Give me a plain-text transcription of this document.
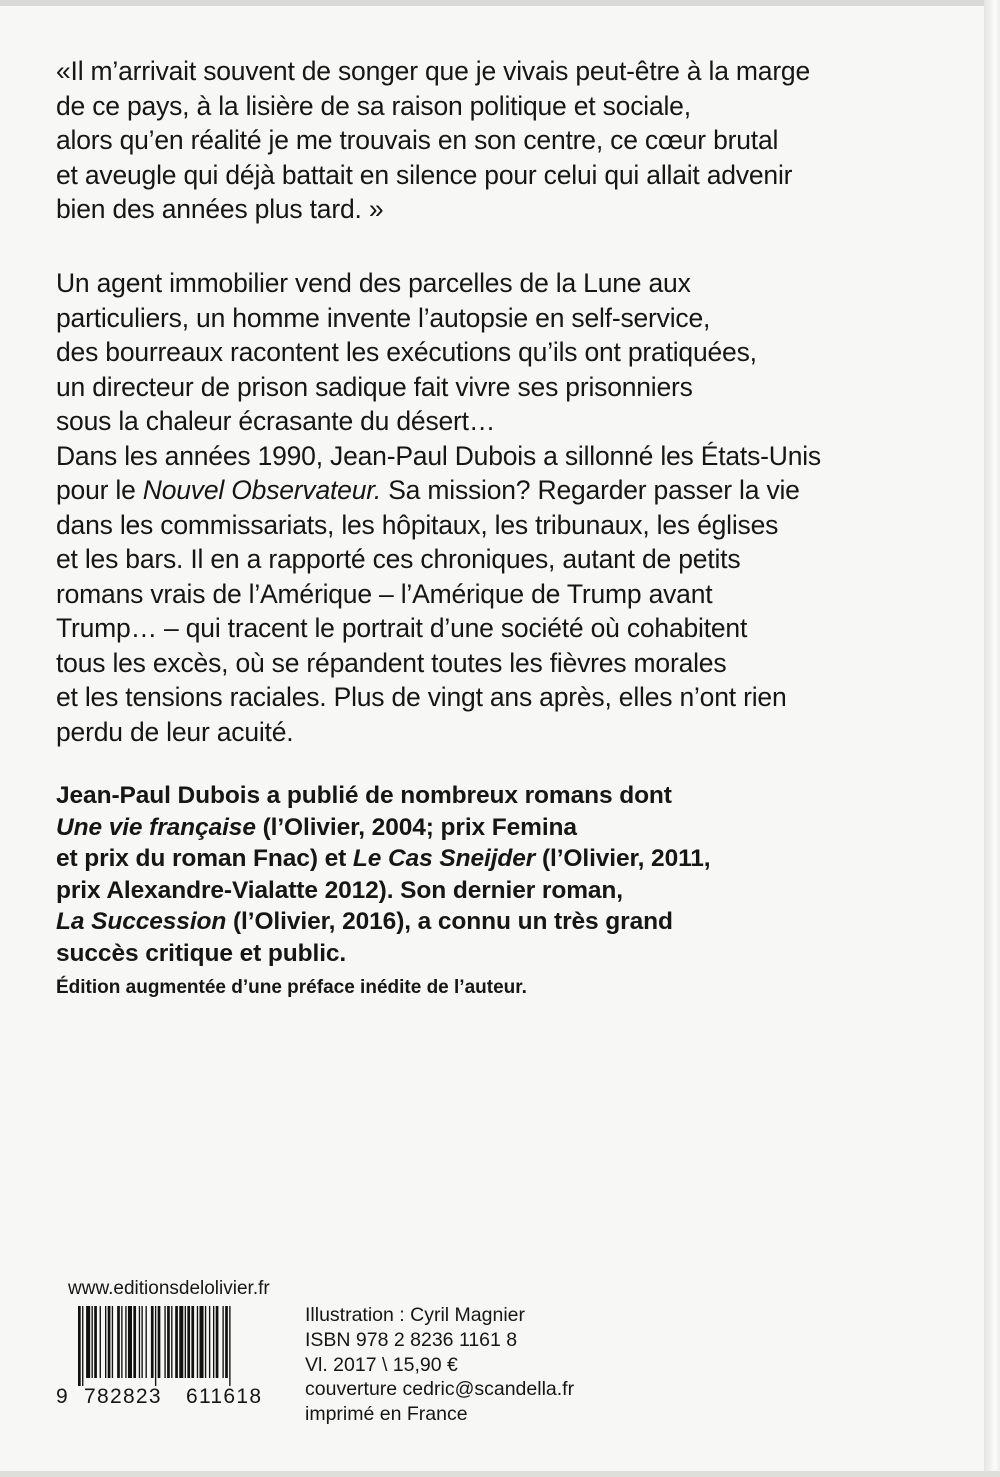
«Il m’arrivait souvent de songer que je vivais peut-être à la marge
de ce pays, à la lisière de sa raison politique et sociale,
alors qu’en réalité je me trouvais en son centre, ce cœur brutal
et aveugle qui déjà battait en silence pour celui qui allait advenir
bien des années plus tard. »
Un agent immobilier vend des parcelles de la Lune aux
particuliers, un homme invente l’autopsie en self-service,
des bourreaux racontent les exécutions qu’ils ont pratiquées,
un directeur de prison sadique fait vivre ses prisonniers
sous la chaleur écrasante du désert…
Dans les années 1990, Jean-Paul Dubois a sillonné les États-Unis
pour le Nouvel Observateur. Sa mission? Regarder passer la vie
dans les commissariats, les hôpitaux, les tribunaux, les églises
et les bars. Il en a rapporté ces chroniques, autant de petits
romans vrais de l’Amérique – l’Amérique de Trump avant
Trump… – qui tracent le portrait d’une société où cohabitent
tous les excès, où se répandent toutes les fièvres morales
et les tensions raciales. Plus de vingt ans après, elles n’ont rien
perdu de leur acuité.
Jean-Paul Dubois a publié de nombreux romans dont
Une vie française (l’Olivier, 2004; prix Femina
et prix du roman Fnac) et Le Cas Sneijder (l’Olivier, 2011,
prix Alexandre-Vialatte 2012). Son dernier roman,
La Succession (l’Olivier, 2016), a connu un très grand
succès critique et public.
Édition augmentée d’une préface inédite de l’auteur.
www.editionsdelolivier.fr
9 782823 611618
Illustration : Cyril Magnier
ISBN 978 2 8236 1161 8
Vl. 2017 \ 15,90 €
couverture cedric@scandella.fr
imprimé en France
